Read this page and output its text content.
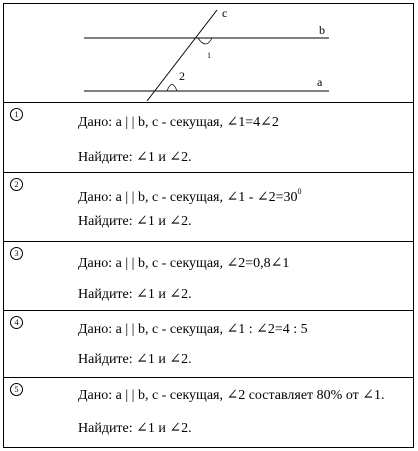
c
b
a
1
2
1
Дано: a | | b, c - секущая, ∠1=4∠2
Найдите: ∠1 и ∠2.
2
Дано: a | | b, c - секущая, ∠1 - $\angle 2=30^0$
Найдите: ∠1 и ∠2.
3
Дано: a | | b, c - секущая, ∠2=0,8∠1
Найдите: ∠1 и ∠2.
4	Дано: a | | b, c - секущая, ∠1 : ∠2=4 : 5
Найдите: ∠1 и ∠2.
5	Дано: a | | b, c - секущая, ∠2 составляет 80% от ∠1.
Найдите: ∠1 и ∠2.
